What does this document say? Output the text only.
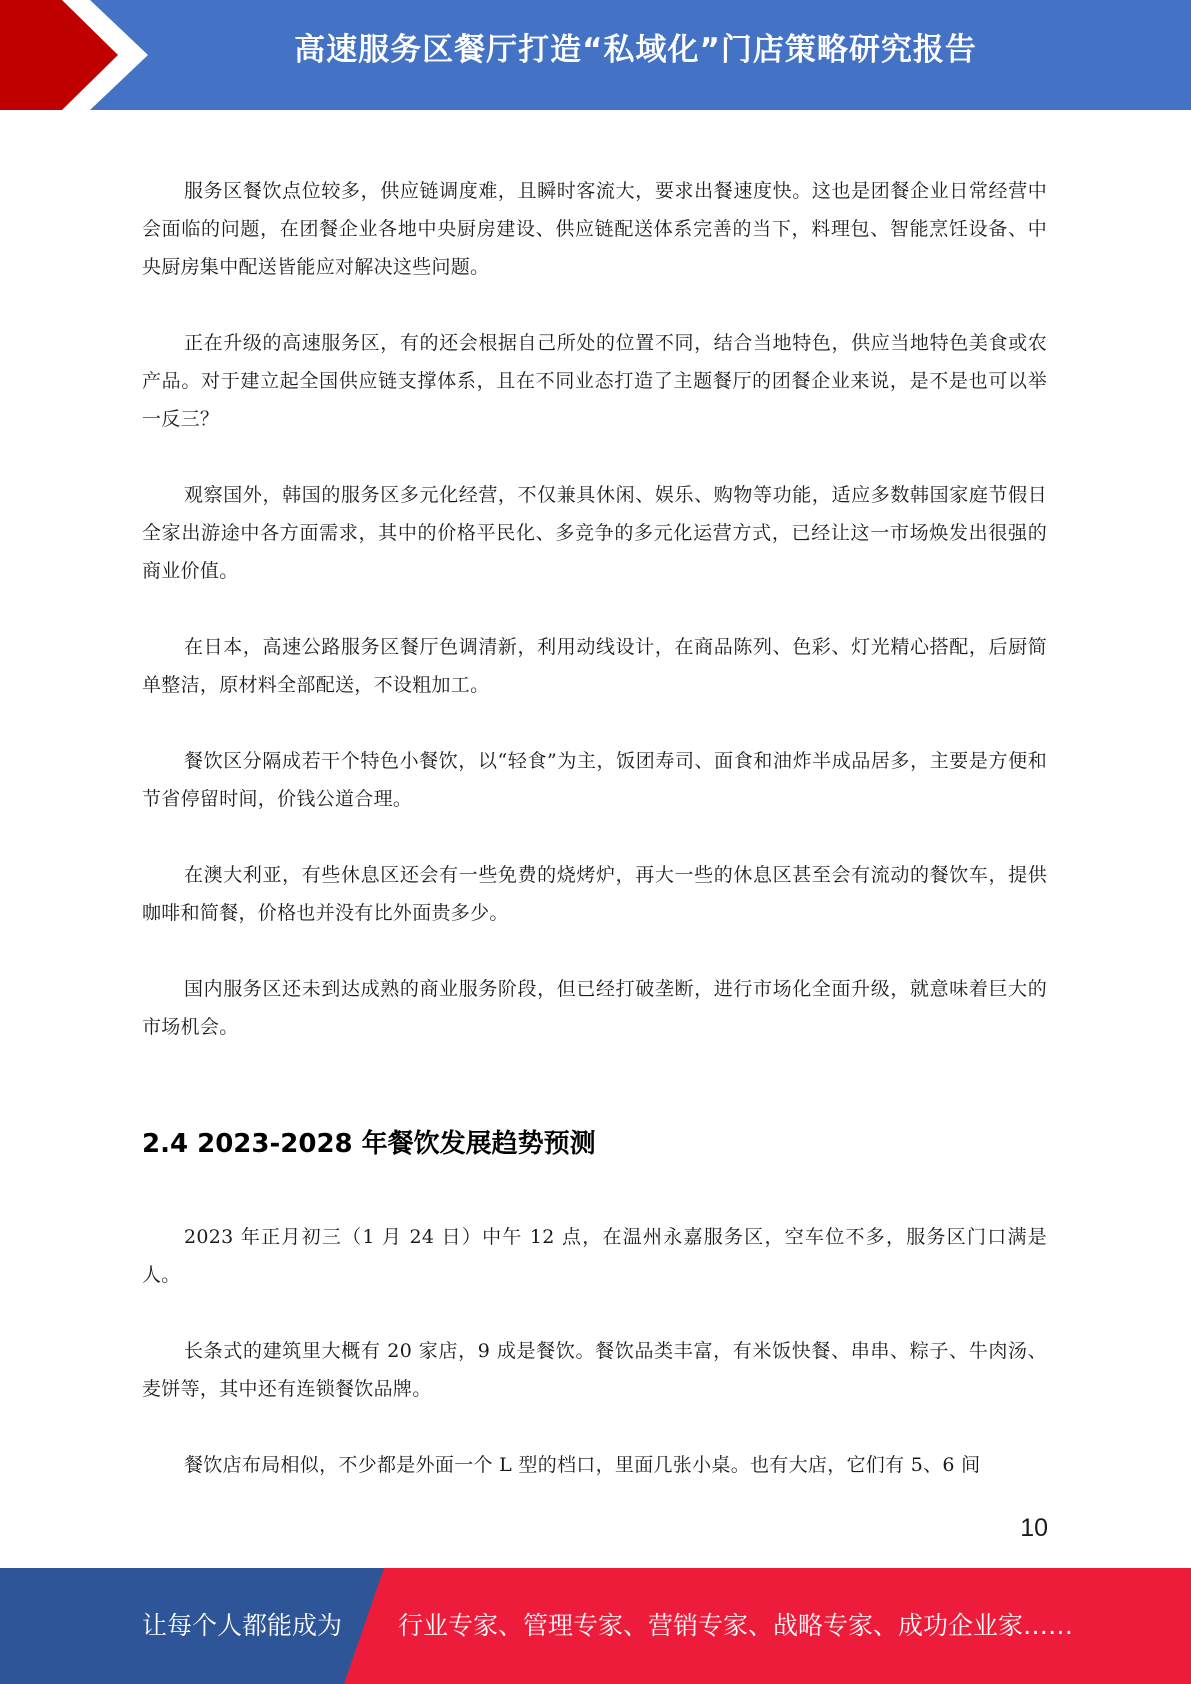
高速服务区餐厅打造“私域化”门店策略研究报告

服务区餐饮点位较多，供应链调度难，且瞬时客流大，要求出餐速度快。这也是团餐企业日常经营中会面临的问题，在团餐企业各地中央厨房建设、供应链配送体系完善的当下，料理包、智能烹饪设备、中央厨房集中配送皆能应对解决这些问题。

正在升级的高速服务区，有的还会根据自己所处的位置不同，结合当地特色，供应当地特色美食或农产品。对于建立起全国供应链支撑体系，且在不同业态打造了主题餐厅的团餐企业来说，是不是也可以举一反三？

观察国外，韩国的服务区多元化经营，不仅兼具休闲、娱乐、购物等功能，适应多数韩国家庭节假日全家出游途中各方面需求，其中的价格平民化、多竞争的多元化运营方式，已经让这一市场焕发出很强的商业价值。

在日本，高速公路服务区餐厅色调清新，利用动线设计，在商品陈列、色彩、灯光精心搭配，后厨简单整洁，原材料全部配送，不设粗加工。

餐饮区分隔成若干个特色小餐饮，以“轻食”为主，饭团寿司、面食和油炸半成品居多，主要是方便和节省停留时间，价钱公道合理。

在澳大利亚，有些休息区还会有一些免费的烧烤炉，再大一些的休息区甚至会有流动的餐饮车，提供咖啡和简餐，价格也并没有比外面贵多少。

国内服务区还未到达成熟的商业服务阶段，但已经打破垄断，进行市场化全面升级，就意味着巨大的市场机会。

2.4 2023-2028 年餐饮发展趋势预测

2023 年正月初三（1 月 24 日）中午 12 点，在温州永嘉服务区，空车位不多，服务区门口满是人。

长条式的建筑里大概有 20 家店，9 成是餐饮。餐饮品类丰富，有米饭快餐、串串、粽子、牛肉汤、麦饼等，其中还有连锁餐饮品牌。

餐饮店布局相似，不少都是外面一个 L 型的档口，里面几张小桌。也有大店，它们有 5、6 间

10
让每个人都能成为 行业专家、管理专家、营销专家、战略专家、成功企业家……
